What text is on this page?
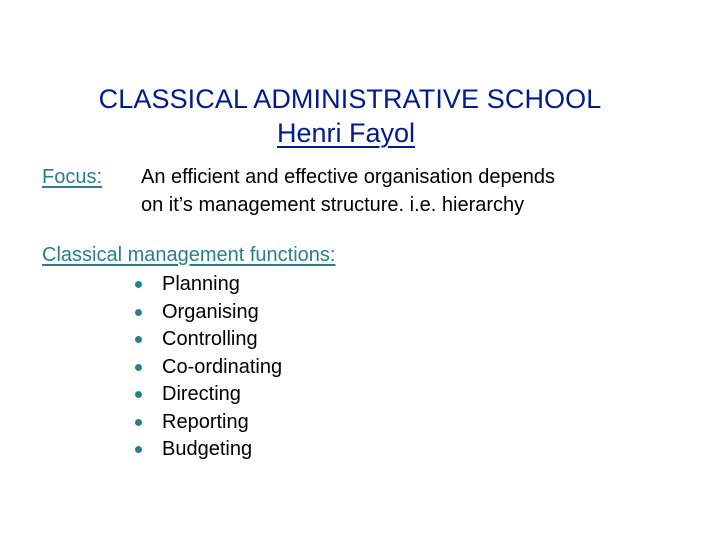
CLASSICAL ADMINISTRATIVE SCHOOL
Henri Fayol
Focus: An efficient and effective organisation depends
on it’s management structure. i.e. hierarchy
Classical management functions:
Planning
Organising
Controlling
Co-ordinating
Directing
Reporting
Budgeting
